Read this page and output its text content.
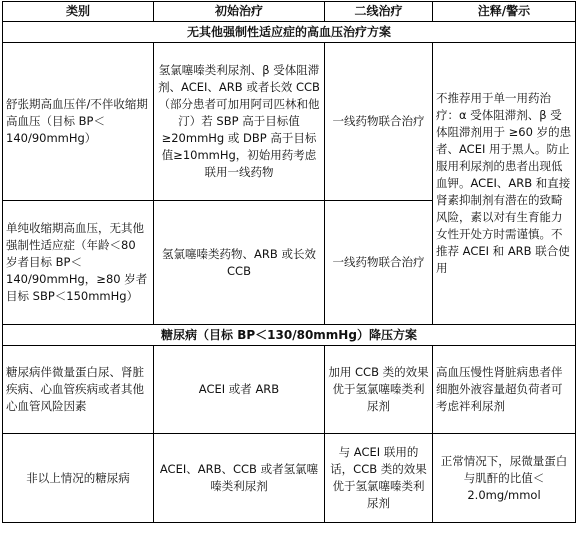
类别	初始治疗	二线治疗	注释/警示
无其他强制性适应症的高血压治疗方案			
舒张期高血压伴/不伴收缩期高血压（目标 BP＜140/90mmHg）	氢氯噻嗪类利尿剂、β 受体阻滞剂、ACEI、ARB 或者长效 CCB（部分患者可加用阿司匹林和他汀）若 SBP 高于目标值 ≥20mmHg 或 DBP 高于目标值≥10mmHg，初始用药考虑联用一线药物	一线药物联合治疗	不推荐用于单一用药治疗：α 受体阻滞剂、β 受体阻滞剂用于 ≥60 岁的患者、ACEI 用于黑人。防止服用利尿剂的患者出现低血钾。ACEI、ARB 和直接肾素抑制剂有潜在的致畸风险，素以对有生育能力女性开处方时需谨慎。不推荐 ACEI 和 ARB 联合使用
单纯收缩期高血压，无其他强制性适应症（年龄＜80 岁者目标 BP＜140/90mmHg，≥80 岁者目标 SBP＜150mmHg）	氢氯噻嗪类药物、ARB 或长效 CCB	一线药物联合治疗	
糖尿病（目标 BP＜130/80mmHg）降压方案			
糖尿病伴微量蛋白尿、肾脏疾病、心血管疾病或者其他心血管风险因素	ACEI 或者 ARB	加用 CCB 类的效果优于氢氯噻嗪类利尿剂	高血压慢性肾脏病患者伴细胞外液容量超负荷者可考虑袢利尿剂
非以上情况的糖尿病	ACEI、ARB、CCB 或者氢氯噻嗪类利尿剂	与 ACEI 联用的话，CCB 类的效果优于氢氯噻嗪类利尿剂	正常情况下，尿微量蛋白与肌酐的比值＜2.0mg/mmol
